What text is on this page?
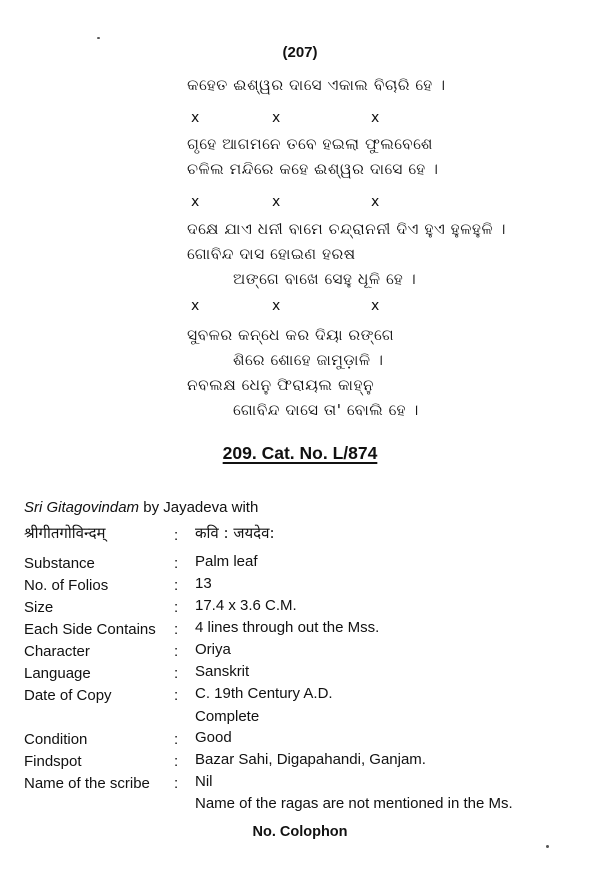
(207)
କହେତ ଈଶ୍ୱର ଦାସେ ଏକାଲ ବିଚାରି ହେ ।
x	x	x
ଗୃହେ ଆଗମନେ ତବେ ହଇଲା ଫୁଲବେଶେ
ଚଳିଲ ମନ୍ଦିରେ କହେ ଈଶ୍ୱର ଦାସେ ହେ ।
x	x	x
ଦକ୍ଷେ ଯାଏ ଧନୀ ବାମେ ଚନ୍ଦ୍ରାନନୀ ଦିଏ ହୁଏ ହୁଳହୁଳି ।
ଗୋବିନ୍ଦ ଦାସ ହୋଇଣ ହରଷ
ଅଙ୍ଗେ ବାଖେ ସେହୁ ଧୂଳି ହେ ।
x	x	x
ସୁବଳର କନ୍ଧେ କର ଦିୟା ରଙ୍ଗେ
ଶିରେ ଶୋହେ ଜାମୁଡ଼ାଳି ।
ନବଲକ୍ଷ ଧେନୁ ଫିରାୟଲ କାହ୍ନୁ
ଗୋବିନ୍ଦ ଦାସେ ତା' ବୋଲି ହେ ।
209. Cat. No. L/874
Sri Gitagovindam by Jayadeva with
श्रीगीतगोविन्दम्	: कवि : जयदेव:
Substance	: Palm leaf
No. of Folios	: 13
Size	: 17.4 x 3.6 C.M.
Each Side Contains : 4 lines through out the Mss.
Character	: Oriya
Language	: Sanskrit
Date of Copy	: C. 19th Century A.D.
Complete
Condition	: Good
Findspot	: Bazar Sahi, Digapahandi, Ganjam.
Name of the scribe : Nil
Name of the ragas are not mentioned in the Ms.
No. Colophon
